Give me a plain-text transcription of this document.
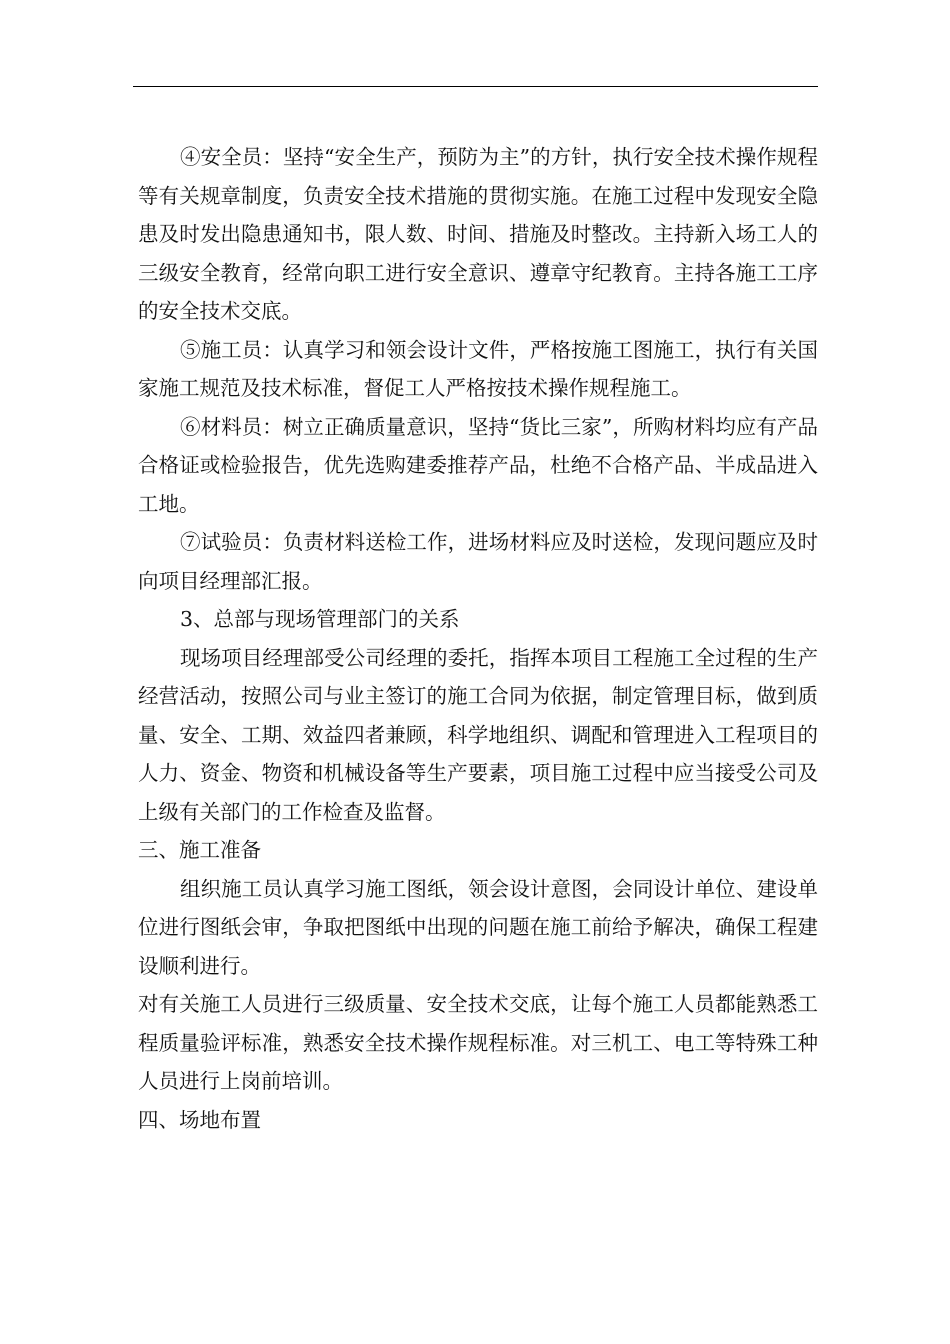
④安全员：坚持“安全生产，预防为主”的方针，执行安全技术操作规程等有关规章制度，负责安全技术措施的贯彻实施。在施工过程中发现安全隐患及时发出隐患通知书，限人数、时间、措施及时整改。主持新入场工人的三级安全教育，经常向职工进行安全意识、遵章守纪教育。主持各施工工序的安全技术交底。

⑤施工员：认真学习和领会设计文件，严格按施工图施工，执行有关国家施工规范及技术标准，督促工人严格按技术操作规程施工。

⑥材料员：树立正确质量意识，坚持“货比三家”，所购材料均应有产品合格证或检验报告，优先选购建委推荐产品，杜绝不合格产品、半成品进入工地。

⑦试验员：负责材料送检工作，进场材料应及时送检，发现问题应及时向项目经理部汇报。

3、总部与现场管理部门的关系

现场项目经理部受公司经理的委托，指挥本项目工程施工全过程的生产经营活动，按照公司与业主签订的施工合同为依据，制定管理目标，做到质量、安全、工期、效益四者兼顾，科学地组织、调配和管理进入工程项目的人力、资金、物资和机械设备等生产要素，项目施工过程中应当接受公司及上级有关部门的工作检查及监督。

三、施工准备

组织施工员认真学习施工图纸，领会设计意图，会同设计单位、建设单位进行图纸会审，争取把图纸中出现的问题在施工前给予解决，确保工程建设顺利进行。

对有关施工人员进行三级质量、安全技术交底，让每个施工人员都能熟悉工程质量验评标准，熟悉安全技术操作规程标准。对三机工、电工等特殊工种人员进行上岗前培训。

四、场地布置
